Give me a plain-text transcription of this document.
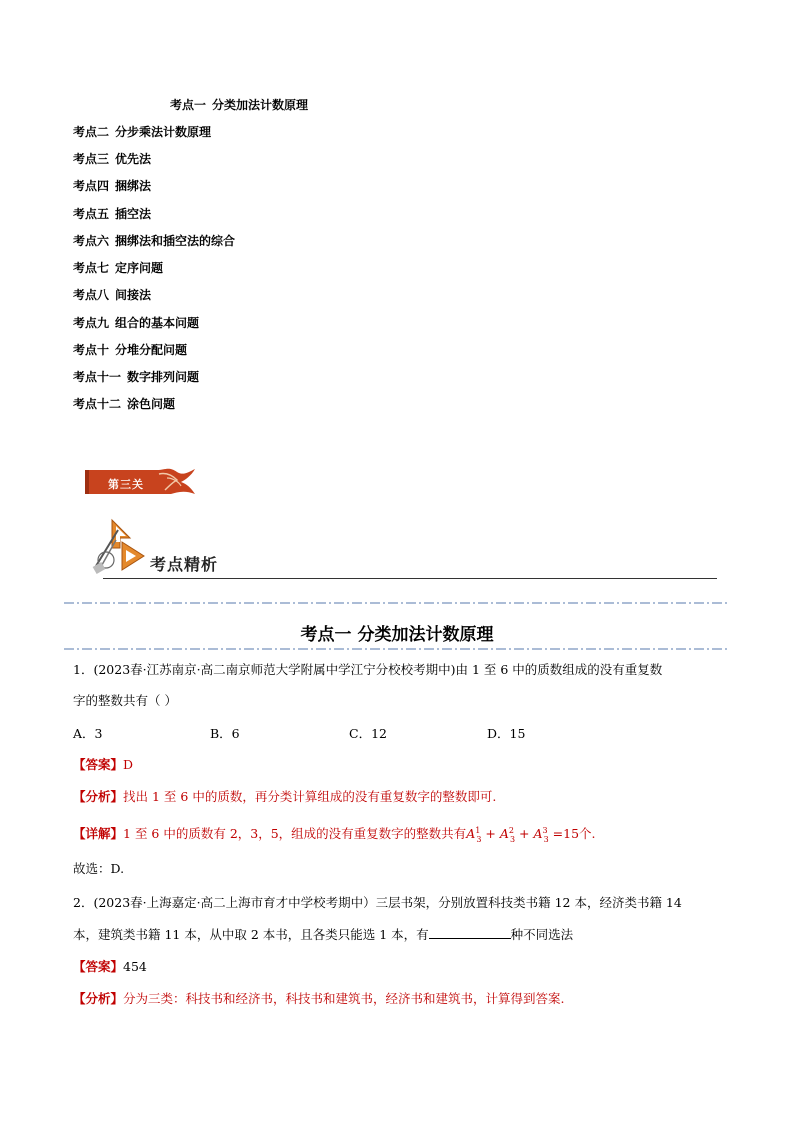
考点一 分类加法计数原理
考点二 分步乘法计数原理
考点三 优先法
考点四 捆绑法
考点五 插空法
考点六 捆绑法和插空法的综合
考点七 定序问题
考点八 间接法
考点九 组合的基本问题
考点十 分堆分配问题
考点十一 数字排列问题
考点十二 涂色问题
第三关
考点精析
考点一 分类加法计数原理
1．(2023春·江苏南京·高二南京师范大学附属中学江宁分校校考期中)由 1 至 6 中的质数组成的没有重复数
字的整数共有（ ）
A．3	B．6	C．12	D．15
【答案】D
【分析】找出 1 至 6 中的质数，再分类计算组成的没有重复数字的整数即可.
【详解】1 至 6 中的质数有 2，3，5，组成的没有重复数字的整数共有$A^1_3 + A^2_3 + A^3_3 =15$个.
故选：D.
2．(2023春·上海嘉定·高二上海市育才中学校考期中）三层书架，分别放置科技类书籍 12 本，经济类书籍 14
本，建筑类书籍 11 本，从中取 2 本书，且各类只能选 1 本，有	种不同选法
【答案】454
【分析】分为三类：科技书和经济书，科技书和建筑书，经济书和建筑书，计算得到答案.
